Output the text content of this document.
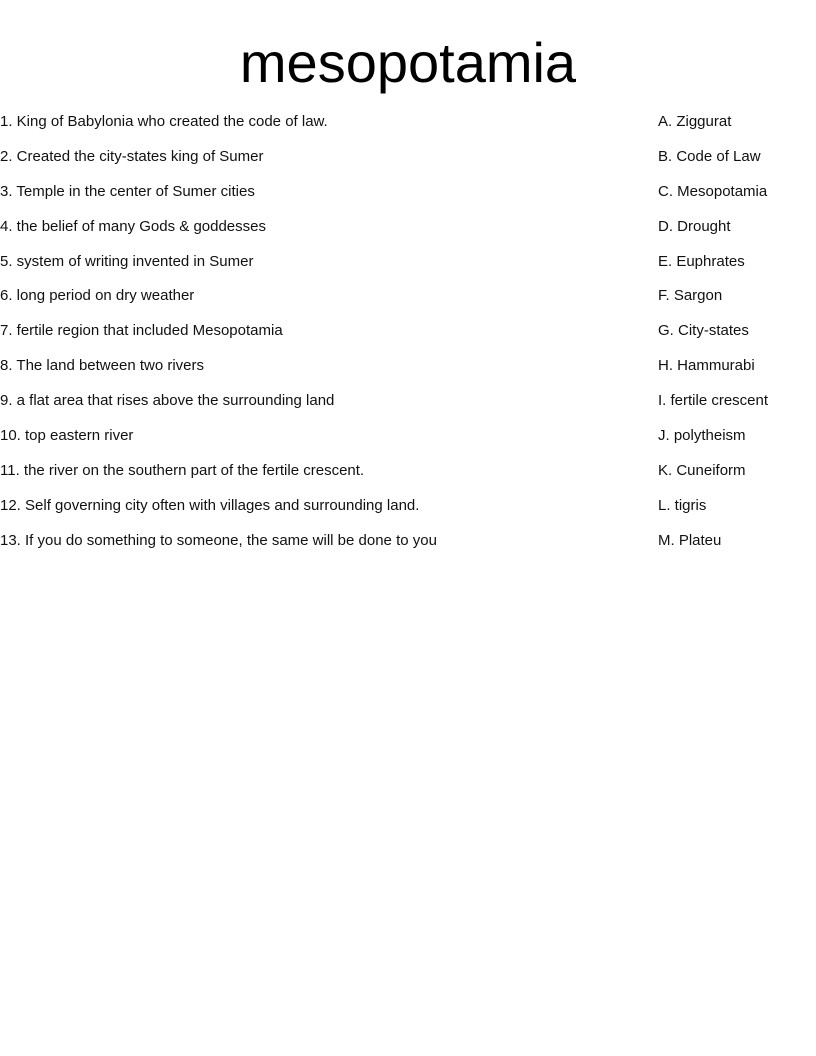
mesopotamia
1. King of Babylonia who created the code of law.
2. Created the city-states king of Sumer
3. Temple in the center of Sumer cities
4. the belief of many Gods & goddesses
5. system of writing invented in Sumer
6. long period on dry weather
7. fertile region that included Mesopotamia
8. The land between two rivers
9. a flat area that rises above the surrounding land
10. top eastern river
11. the river on the southern part of the fertile crescent.
12. Self governing city often with villages and surrounding land.
13. If you do something to someone, the same will be done to you
A. Ziggurat
B. Code of Law
C. Mesopotamia
D. Drought
E. Euphrates
F. Sargon
G. City-states
H. Hammurabi
I. fertile crescent
J. polytheism
K. Cuneiform
L. tigris
M. Plateu
